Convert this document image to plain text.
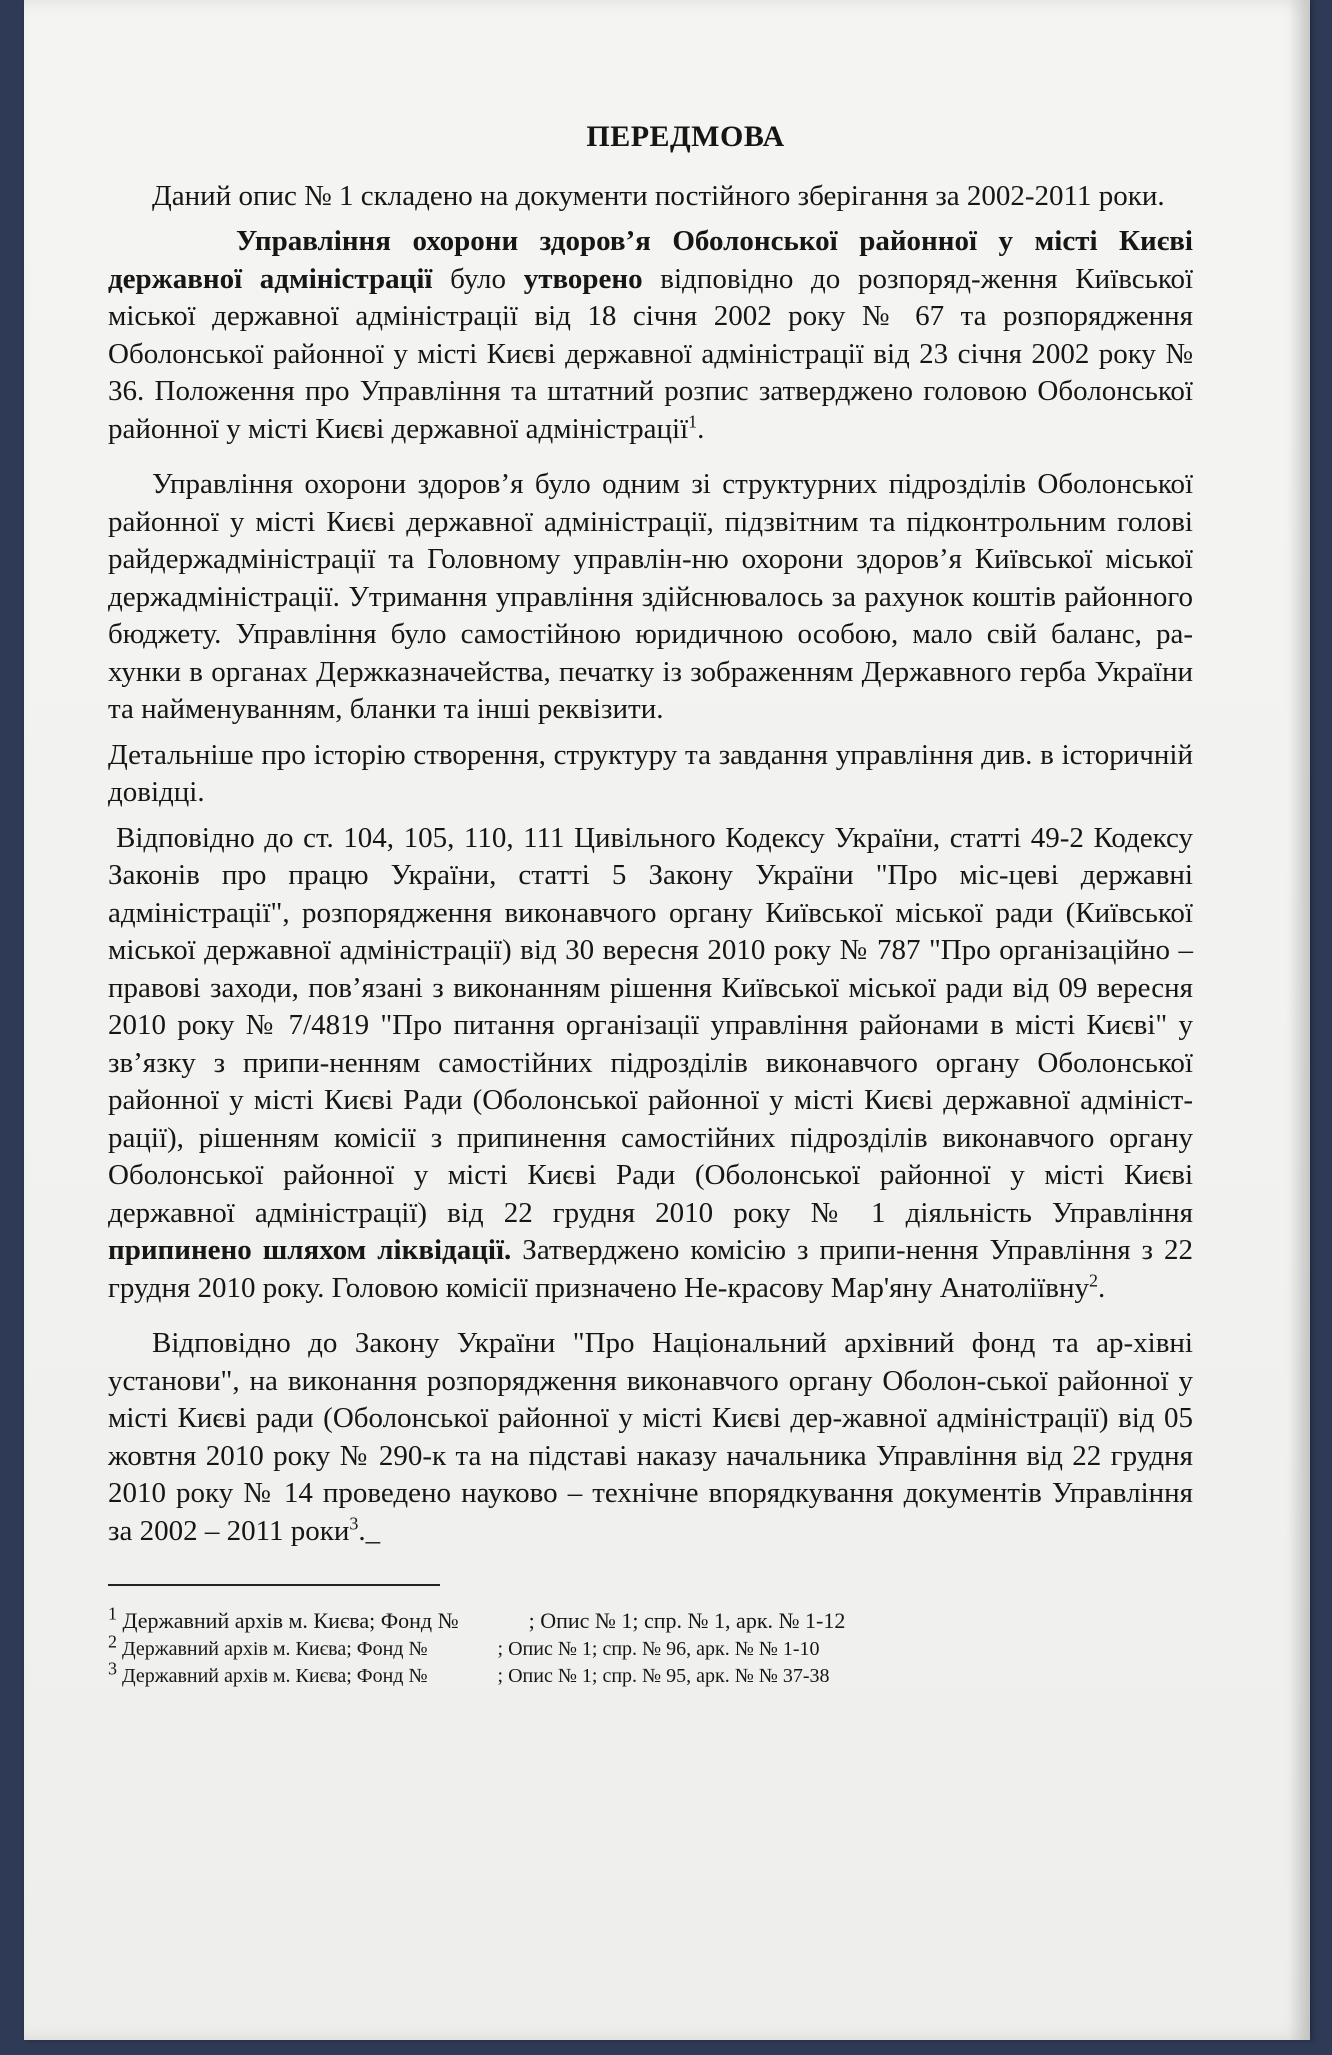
ПЕРЕДМОВА

Даний опис № 1 складено на документи постійного зберігання за 2002-2011 роки.

Управління охорони здоров’я Оболонської районної у місті Києві державної адміністрації було утворено відповідно до розпоряд-ження Київської міської державної адміністрації від 18 січня 2002 року № 67 та розпорядження Оболонської районної у місті Києві державної адміністрації від 23 січня 2002 року № 36. Положення про Управління та штатний розпис затверджено головою Оболонської районної у місті Києві державної адміністрації$^1$.

Управління охорони здоров’я було одним зі структурних підрозділів Оболонської районної у місті Києві державної адміністрації, підзвітним та підконтрольним голові райдержадміністрації та Головному управлін-ню охорони здоров’я Київської міської держадміністрації. Утримання управління здійснювалось за рахунок коштів районного бюджету. Управління було самостійною юридичною особою, мало свій баланс, ра-хунки в органах Держказначейства, печатку із зображенням Державного герба України та найменуванням, бланки та інші реквізити.

Детальніше про історію створення, структуру та завдання управління див. в історичній довідці.

Відповідно до ст. 104, 105, 110, 111 Цивільного Кодексу України, статті 49-2 Кодексу Законів про працю України, статті 5 Закону України "Про міс-цеві державні адміністрації", розпорядження виконавчого органу Київської міської ради (Київської міської державної адміністрації) від 30 вересня 2010 року № 787 "Про організаційно – правові заходи, пов’язані з виконанням рішення Київської міської ради від 09 вересня 2010 року № 7/4819 "Про питання організації управління районами в місті Києві" у зв’язку з припи-ненням самостійних підрозділів виконавчого органу Оболонської районної у місті Києві Ради (Оболонської районної у місті Києві державної адмініст-рації), рішенням комісії з припинення самостійних підрозділів виконавчого органу Оболонської районної у місті Києві Ради (Оболонської районної у місті Києві державної адміністрації) від 22 грудня 2010 року № 1 діяльність Управління припинено шляхом ліквідації. Затверджено комісію з припи-нення Управління з 22 грудня 2010 року. Головою комісії призначено Не-красову Мар'яну Анатоліївну$^2$.

Відповідно до Закону України "Про Національний архівний фонд та ар-хівні установи", на виконання розпорядження виконавчого органу Оболон-ської районної у місті Києві ради (Оболонської районної у місті Києві дер-жавної адміністрації) від 05 жовтня 2010 року № 290-к та на підставі наказу начальника Управління від 22 грудня 2010 року № 14 проведено науково – технічне впорядкування документів Управління за 2002 – 2011 роки$^3$._

$^1$ Державний архів м. Києва; Фонд №	; Опис № 1; спр. № 1, арк. № 1-12

$^2$ Державний архів м. Києва; Фонд №	; Опис № 1; спр. № 96, арк. № № 1-10

$^3$ Державний архів м. Києва; Фонд №	; Опис № 1; спр. № 95, арк. № № 37-38
